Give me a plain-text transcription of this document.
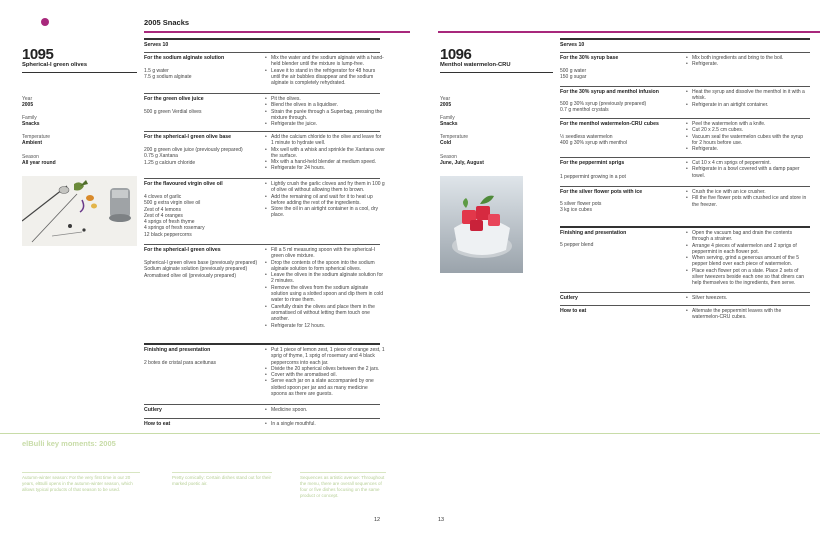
2005 Snacks
1095
Spherical-I green olives
Year
2005
Family
Snacks
Temperature
Ambient
Season
All year round
Serves 10
For the sodium alginate solution
1.5 g water
7.5 g sodium alginate
• Mix the water and the sodium alginate with a hand-held blender until the mixture is lump-free.
• Leave it to stand in the refrigerator for 48 hours until the air bubbles disappear and the sodium alginate is completely rehydrated.
For the green olive juice
500 g green Verdial olives
• Pit the olives.
• Blend the olives in a liquidiser.
• Strain the purée through a Superbag, pressing the mixture through.
• Refrigerate the juice.
For the spherical-I green olive base
200 g green olive juice (previously prepared)
0.75 g Xantana
1.25 g calcium chloride
• Add the calcium chloride to the olive and leave for 1 minute to hydrate well.
• Mix well with a whisk and sprinkle the Xantana over the surface.
• Mix with a hand-held blender at medium speed.
• Refrigerate for 24 hours.
For the flavoured virgin olive oil
4 cloves of garlic
500 g extra virgin olive oil
Zest of 4 lemons
Zest of 4 oranges
4 sprigs of fresh thyme
4 springs of fresh rosemary
12 black peppercorns
• Lightly crush the garlic cloves and fry them in 100 g of olive oil without allowing them to brown.
• Add the remaining oil and wait for it to heat up before adding the rest of the ingredients.
• Store the oil in an airtight container in a cool, dry place.
For the spherical-I green olives
Spherical-I green olives base (previously prepared)
Sodium alginate solution (previously prepared)
Aromatised olive oil (previously prepared)
• Fill a 5 ml measuring spoon with the spherical-I green olive mixture.
• Drop the contents of the spoon into the sodium alginate solution to form spherical olives.
• Leave the olives in the sodium alginate solution for 2 minutes.
• Remove the olives from the sodium alginate solution using a slotted spoon and dip them in cold water to rinse them.
• Carefully drain the olives and place them in the aromatised oil without letting them touch one another.
• Refrigerate for 12 hours.
Finishing and presentation
2 botes de cristal para aceitunas
• Put 1 piece of lemon zest, 1 piece of orange zest, 1 sprig of thyme, 1 sprig of rosemary and 4 black peppercorns into each jar.
• Divide the 20 spherical olives between the 2 jars.
• Cover with the aromatised oil.
• Serve each jar on a slate accompanied by one slotted spoon per jar and as many medicine spoons as there are guests.
Cutlery	• Medicine spoon.
How to eat	• In a single mouthful.
12
1096
Menthol watermelon-CRU
Year
2005
Family
Snacks
Temperature
Cold
Season
June, July, August
Serves 10
For the 30% syrup base
500 g water
150 g sugar
• Mix both ingredients and bring to the boil.
• Refrigerate.
For the 30% syrup and menthol infusion
500 g 30% syrup (previously prepared)
0.7 g menthol crystals
• Heat the syrup and dissolve the menthol in it with a whisk.
• Refrigerate in an airtight container.
For the menthol watermelon-CRU cubes
½ seedless watermelon
400 g 30% syrup with menthol
• Peel the watermelon with a knife.
• Cut 20 x 2.5 cm cubes.
• Vacuum seal the watermelon cubes with the syrup for 2 hours before use.
• Refrigerate.
For the peppermint sprigs
1 peppermint growing in a pot
• Cut 10 x 4 cm sprigs of peppermint.
• Refrigerate in a bowl covered with a damp paper towel.
For the silver flower pots with ice
5 silver flower pots
3 kg ice cubes
• Crush the ice with an ice crusher.
• Fill the five flower pots with crushed ice and store in the freezer.
Finishing and presentation
5 pepper blend
• Open the vacuum bag and drain the contents through a strainer.
• Arrange 4 pieces of watermelon and 2 sprigs of peppermint in each flower pot.
• When serving, grind a generous amount of the 5 pepper blend over each piece of watermelon.
• Place each flower pot on a slate. Place 2 sets of silver tweezers beside each one so that diners can help themselves to the ingredients, then serve.
Cutlery	• Silver tweezers.
How to eat	• Alternate the peppermint leaves with the watermelon-CRU cubes.
13
elBulli key moments: 2005
Autumn-winter season: For the very first time in our 20 years, elBulli opens in the autumn-winter season, which allows typical products of that season to be used.
Pretty comically: Certain dishes stand out for their marked poetic air.
Sequences as artistic avenue: Throughout the menu, there are overall sequences of four or five dishes focusing on the same product or concept.
